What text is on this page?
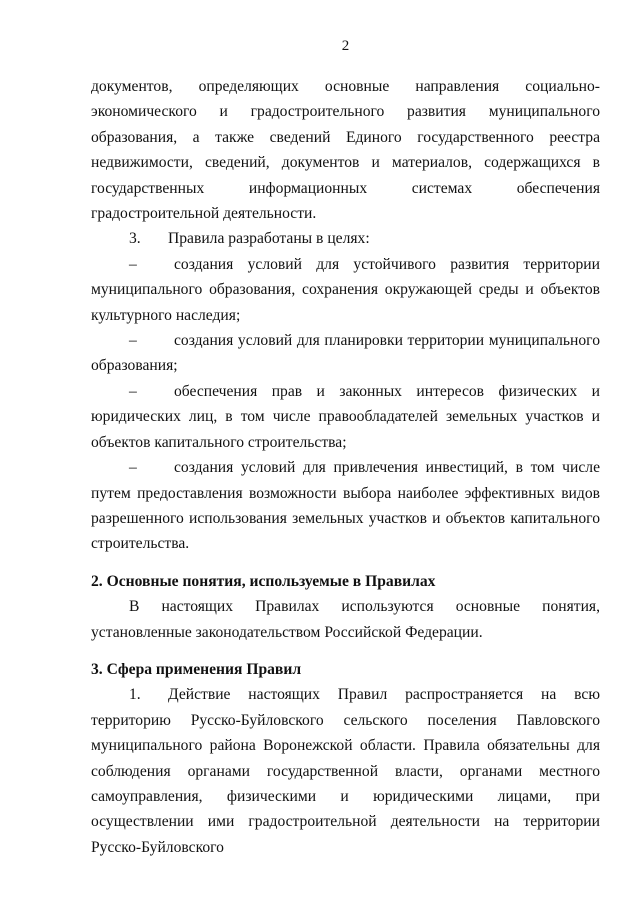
2

документов, определяющих основные направления социально-экономического и градостроительного развития муниципального образования, а также сведений Единого государственного реестра недвижимости, сведений, документов и материалов, содержащихся в государственных информационных системах обеспечения градостроительной деятельности.

3. Правила разработаны в целях:

– создания условий для устойчивого развития территории муниципального образования, сохранения окружающей среды и объектов культурного наследия;

– создания условий для планировки территории муниципального образования;

– обеспечения прав и законных интересов физических и юридических лиц, в том числе правообладателей земельных участков и объектов капитального строительства;

– создания условий для привлечения инвестиций, в том числе путем предоставления возможности выбора наиболее эффективных видов разрешенного использования земельных участков и объектов капитального строительства.

2. Основные понятия, используемые в Правилах

В настоящих Правилах используются основные понятия, установленные законодательством Российской Федерации.

3. Сфера применения Правил

1. Действие настоящих Правил распространяется на всю территорию Русско-Буйловского сельского поселения Павловского муниципального района Воронежской области. Правила обязательны для соблюдения органами государственной власти, органами местного самоуправления, физическими и юридическими лицами, при осуществлении ими градостроительной деятельности на территории Русско-Буйловского
